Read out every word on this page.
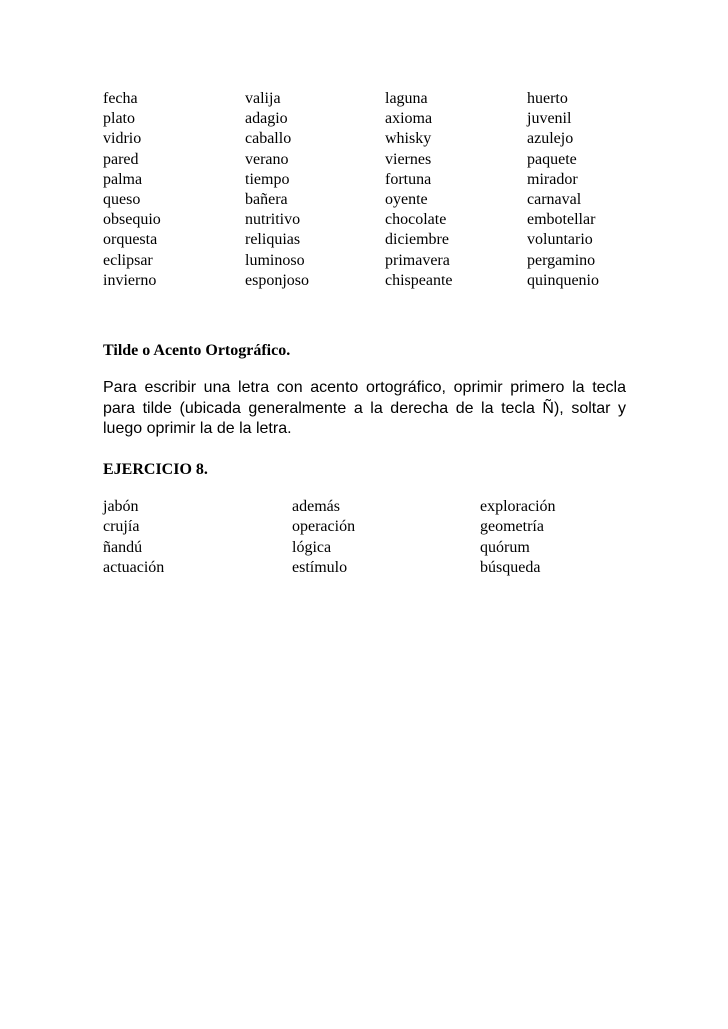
fecha	valija	laguna	huerto
plato	adagio	axioma	juvenil
vidrio	caballo	whisky	azulejo
pared	verano	viernes	paquete
palma	tiempo	fortuna	mirador
queso	bañera	oyente	carnaval
obsequio	nutritivo	chocolate	embotellar
orquesta	reliquias	diciembre	voluntario
eclipsar	luminoso	primavera	pergamino
invierno	esponjoso	chispeante	quinquenio
Tilde o Acento Ortográfico.
Para escribir una letra con acento ortográfico, oprimir primero la tecla para tilde (ubicada generalmente a la derecha de la tecla Ñ), soltar y luego oprimir la de la letra.
EJERCICIO 8.
jabón	además	exploración
crujía	operación	geometría
ñandú	lógica	quórum
actuación	estímulo	búsqueda
